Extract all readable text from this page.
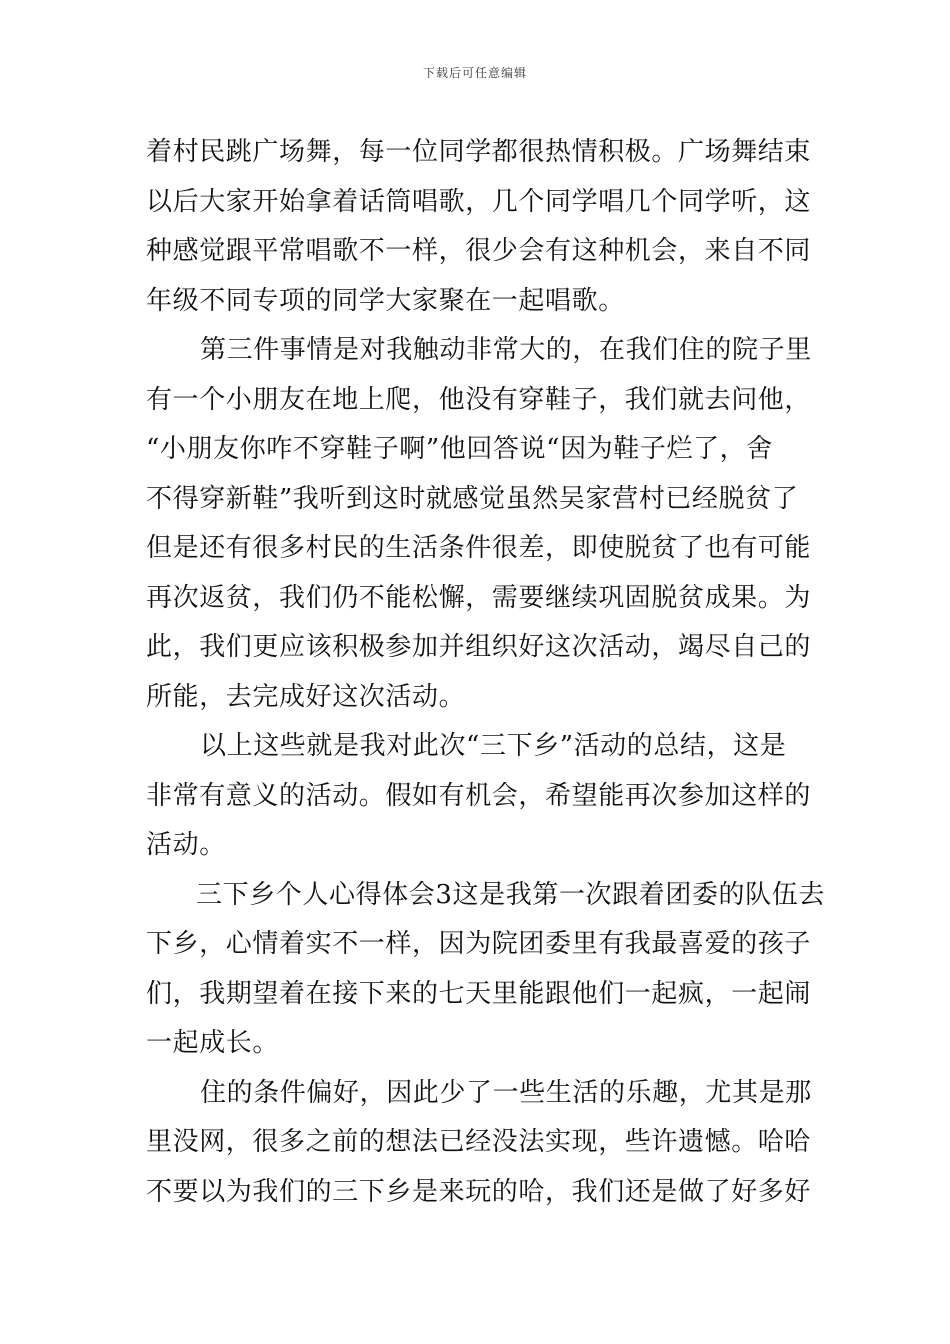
下载后可任意编辑
着村民跳广场舞，每一位同学都很热情积极。广场舞结束
以后大家开始拿着话筒唱歌，几个同学唱几个同学听，这
种感觉跟平常唱歌不一样，很少会有这种机会，来自不同
年级不同专项的同学大家聚在一起唱歌。
第三件事情是对我触动非常大的，在我们住的院子里
有一个小朋友在地上爬，他没有穿鞋子，我们就去问他，
“小朋友你咋不穿鞋子啊”他回答说“因为鞋子烂了，舍
不得穿新鞋”我听到这时就感觉虽然吴家营村已经脱贫了
但是还有很多村民的生活条件很差，即使脱贫了也有可能
再次返贫，我们仍不能松懈，需要继续巩固脱贫成果。为
此，我们更应该积极参加并组织好这次活动，竭尽自己的
所能，去完成好这次活动。
以上这些就是我对此次“三下乡”活动的总结，这是
非常有意义的活动。假如有机会，希望能再次参加这样的
活动。
三下乡个人心得体会3这是我第一次跟着团委的队伍去
下乡，心情着实不一样，因为院团委里有我最喜爱的孩子
们，我期望着在接下来的七天里能跟他们一起疯，一起闹
一起成长。
住的条件偏好，因此少了一些生活的乐趣，尤其是那
里没网，很多之前的想法已经没法实现，些许遗憾。哈哈
不要以为我们的三下乡是来玩的哈，我们还是做了好多好
